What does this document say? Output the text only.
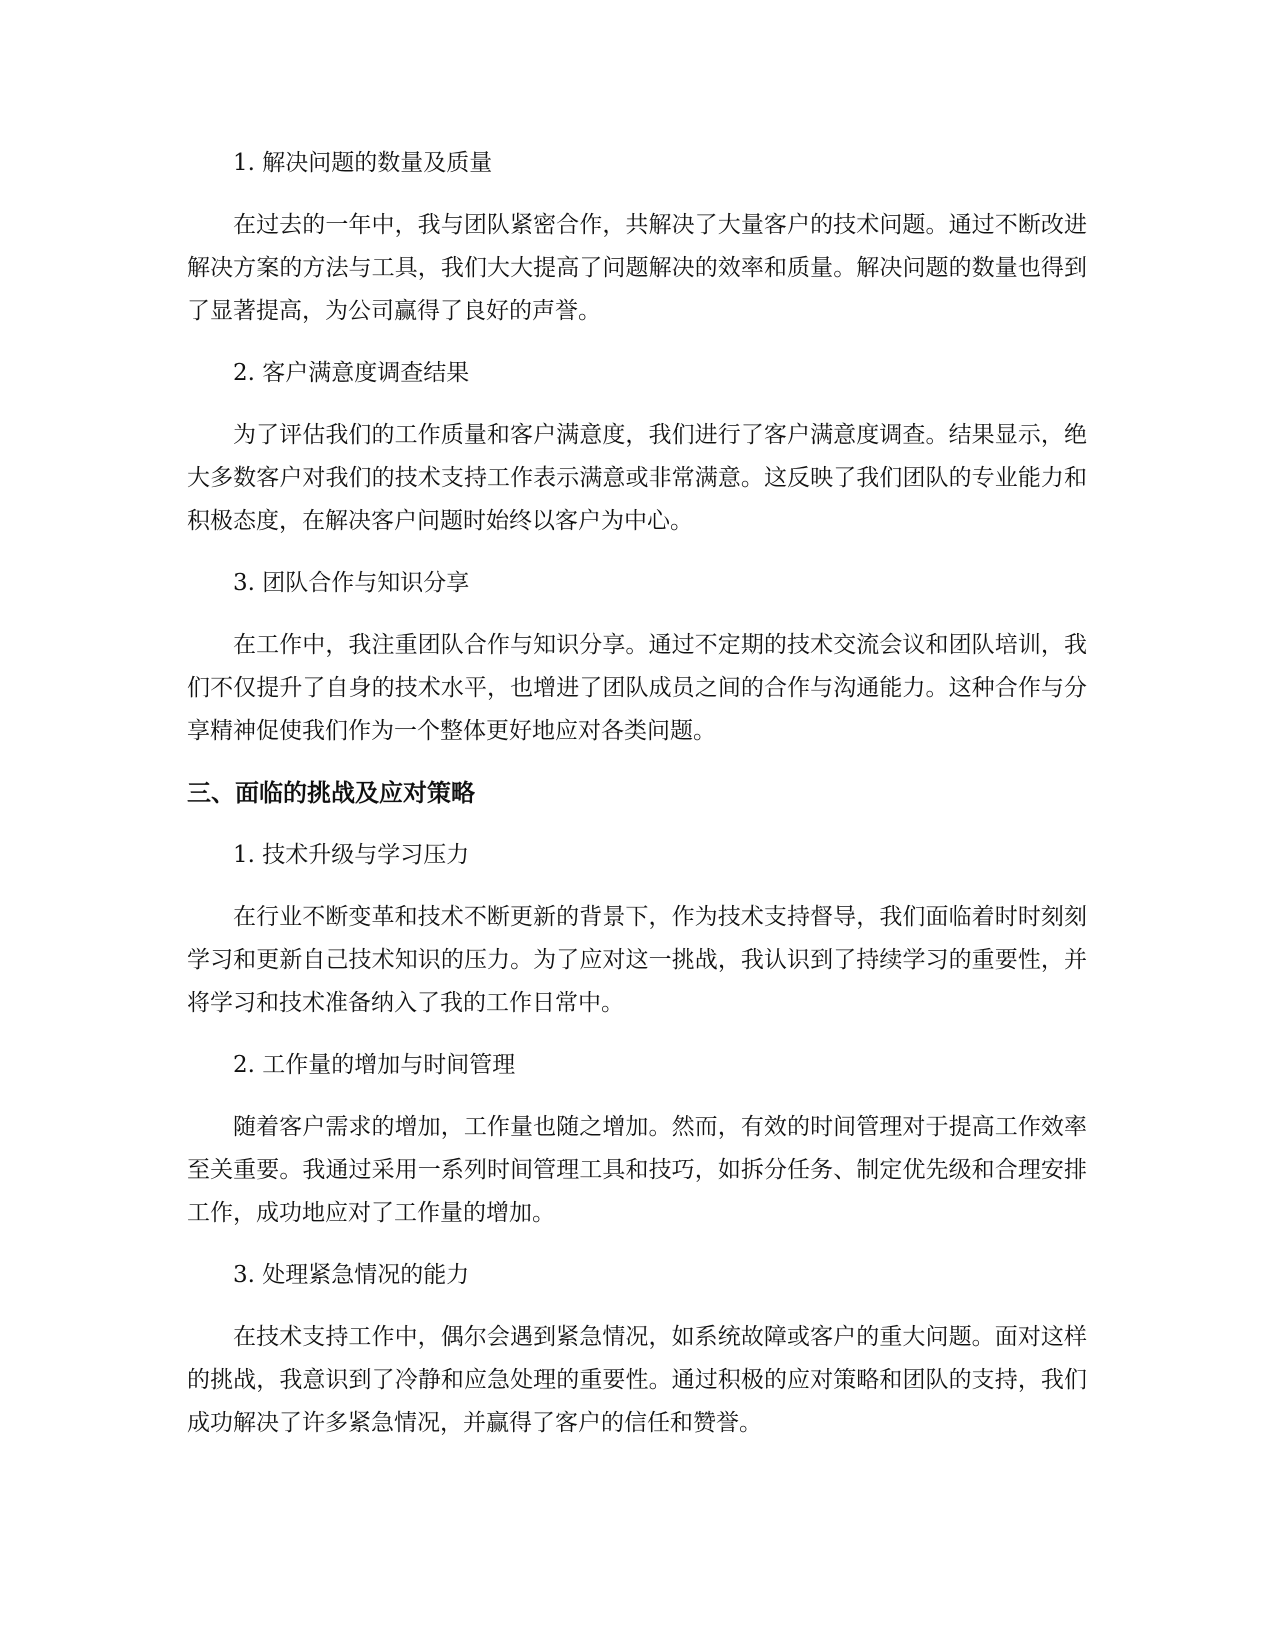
1. 解决问题的数量及质量
在过去的一年中，我与团队紧密合作，共解决了大量客户的技术问题。通过不断改进解决方案的方法与工具，我们大大提高了问题解决的效率和质量。解决问题的数量也得到了显著提高，为公司赢得了良好的声誉。
2. 客户满意度调查结果
为了评估我们的工作质量和客户满意度，我们进行了客户满意度调查。结果显示，绝大多数客户对我们的技术支持工作表示满意或非常满意。这反映了我们团队的专业能力和积极态度，在解决客户问题时始终以客户为中心。
3. 团队合作与知识分享
在工作中，我注重团队合作与知识分享。通过不定期的技术交流会议和团队培训，我们不仅提升了自身的技术水平，也增进了团队成员之间的合作与沟通能力。这种合作与分享精神促使我们作为一个整体更好地应对各类问题。
三、面临的挑战及应对策略
1. 技术升级与学习压力
在行业不断变革和技术不断更新的背景下，作为技术支持督导，我们面临着时时刻刻学习和更新自己技术知识的压力。为了应对这一挑战，我认识到了持续学习的重要性，并将学习和技术准备纳入了我的工作日常中。
2. 工作量的增加与时间管理
随着客户需求的增加，工作量也随之增加。然而，有效的时间管理对于提高工作效率至关重要。我通过采用一系列时间管理工具和技巧，如拆分任务、制定优先级和合理安排工作，成功地应对了工作量的增加。
3. 处理紧急情况的能力
在技术支持工作中，偶尔会遇到紧急情况，如系统故障或客户的重大问题。面对这样的挑战，我意识到了冷静和应急处理的重要性。通过积极的应对策略和团队的支持，我们成功解决了许多紧急情况，并赢得了客户的信任和赞誉。
